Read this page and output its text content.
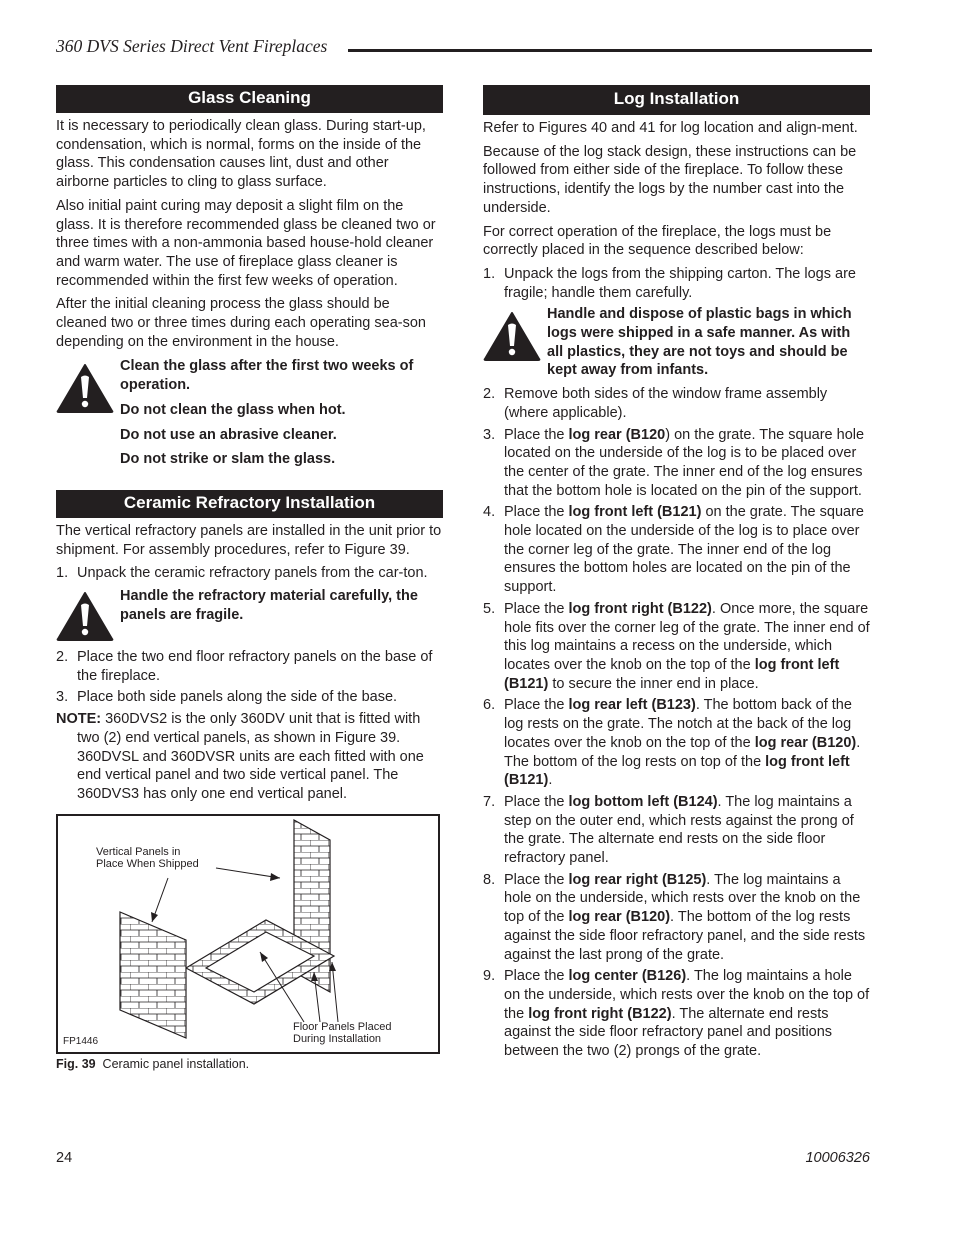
360 DVS Series Direct Vent Fireplaces
Glass Cleaning

It is necessary to periodically clean glass. During start-up, condensation, which is normal, forms on the inside of the glass. This condensation causes lint, dust and other airborne particles to cling to glass surface.

Also initial paint curing may deposit a slight film on the glass. It is therefore recommended glass be cleaned two or three times with a non-ammonia based house-hold cleaner and warm water. The use of fireplace glass cleaner is recommended within the first few weeks of operation.

After the initial cleaning process the glass should be cleaned two or three times during each operating sea-son depending on the environment in the house.

Clean the glass after the first two weeks of operation.
Do not clean the glass when hot.
Do not use an abrasive cleaner.
Do not strike or slam the glass.
Ceramic Refractory Installation

The vertical refractory panels are installed in the unit prior to shipment. For assembly procedures, refer to Figure 39.

1. Unpack the ceramic refractory panels from the car-ton.
Handle the refractory material carefully, the panels are fragile.
2. Place the two end floor refractory panels on the base of the fireplace.
3. Place both side panels along the side of the base.
NOTE: 360DVS2 is the only 360DV unit that is fitted with two (2) end vertical panels, as shown in Figure 39. 360DVSL and 360DVSR units are each fitted with one end vertical panel and two side vertical panel. The 360DVS3 has only one end vertical panel.
Vertical Panels in
Place When Shipped
Floor Panels Placed
During Installation
FP1446
Fig. 39 Ceramic panel installation.
Log Installation

Refer to Figures 40 and 41 for log location and align-ment.

Because of the log stack design, these instructions can be followed from either side of the fireplace. To follow these instructions, identify the logs by the number cast into the underside.

For correct operation of the fireplace, the logs must be correctly placed in the sequence described below:

1. Unpack the logs from the shipping carton. The logs are fragile; handle them carefully.
Handle and dispose of plastic bags in which logs were shipped in a safe manner. As with all plastics, they are not toys and should be kept away from infants.
2. Remove both sides of the window frame assembly (where applicable).
3. Place the log rear (B120) on the grate. The square hole located on the underside of the log is to be placed over the center of the grate. The inner end of the log ensures that the bottom hole is located on the pin of the support.
4. Place the log front left (B121) on the grate. The square hole located on the underside of the log is to place over the corner leg of the grate. The inner end of the log ensures the bottom holes are located on the pin of the support.
5. Place the log front right (B122). Once more, the square hole fits over the corner leg of the grate. The inner end of this log maintains a recess on the underside, which locates over the knob on the top of the log front left (B121) to secure the inner end in place.
6. Place the log rear left (B123). The bottom back of the log rests on the grate. The notch at the back of the log locates over the knob on the top of the log rear (B120). The bottom of the log rests on top of the log front left (B121).
7. Place the log bottom left (B124). The log maintains a step on the outer end, which rests against the prong of the grate. The alternate end rests on the side floor refractory panel.
8. Place the log rear right (B125). The log maintains a hole on the underside, which rests over the knob on the top of the log rear (B120). The bottom of the log rests against the side floor refractory panel, and the side rests against the last prong of the grate.
9. Place the log center (B126). The log maintains a hole on the underside, which rests over the knob on the top of the log front right (B122). The alternate end rests against the side floor refractory panel and positions between the two (2) prongs of the grate.
24	10006326
